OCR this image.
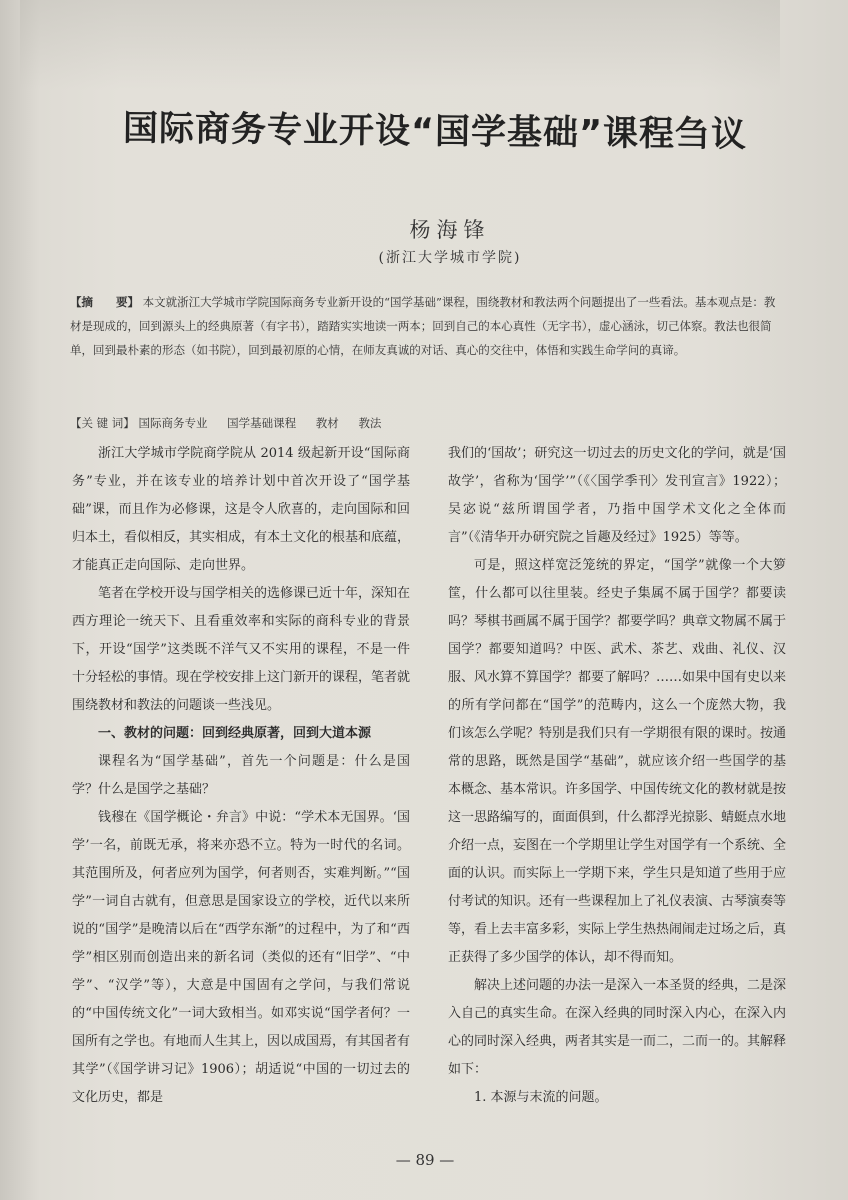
国际商务专业开设“国学基础”课程刍议
杨海锋
(浙江大学城市学院)
【摘　　要】 本文就浙江大学城市学院国际商务专业新开设的“国学基础”课程，围绕教材和教法两个问题提出了一些看法。基本观点是：教材是现成的，回到源头上的经典原著（有字书），踏踏实实地读一两本；回到自己的本心真性（无字书），虚心涵泳，切己体察。教法也很简单，回到最朴素的形态（如书院），回到最初原的心情，在师友真诚的对话、真心的交往中，体悟和实践生命学问的真谛。
【关 键 词】 国际商务专业 国学基础课程 教材 教法

浙江大学城市学院商学院从 2014 级起新开设“国际商务”专业，并在该专业的培养计划中首次开设了“国学基础”课，而且作为必修课，这是令人欣喜的，走向国际和回归本土，看似相反，其实相成，有本土文化的根基和底蕴，才能真正走向国际、走向世界。

笔者在学校开设与国学相关的选修课已近十年，深知在西方理论一统天下、且看重效率和实际的商科专业的背景下，开设“国学”这类既不洋气又不实用的课程，不是一件十分轻松的事情。现在学校安排上这门新开的课程，笔者就围绕教材和教法的问题谈一些浅见。

一、教材的问题：回到经典原著，回到大道本源

课程名为“国学基础”，首先一个问题是：什么是国学？什么是国学之基础？

钱穆在《国学概论・弁言》中说：“学术本无国界。‘国学’一名，前既无承，将来亦恐不立。特为一时代的名词。其范围所及，何者应列为国学，何者则否，实难判断。”“国学”一词自古就有，但意思是国家设立的学校，近代以来所说的“国学”是晚清以后在“西学东渐”的过程中，为了和“西学”相区别而创造出来的新名词（类似的还有“旧学”、“中学”、“汉学”等），大意是中国固有之学问，与我们常说的“中国传统文化”一词大致相当。如邓实说“国学者何？一国所有之学也。有地而人生其上，因以成国焉，有其国者有其学”（《国学讲习记》1906）；胡适说“中国的一切过去的文化历史，都是

我们的‘国故’；研究这一切过去的历史文化的学问，就是‘国故学’，省称为‘国学’”（《〈国学季刊〉发刊宣言》1922）；吴宓说“兹所谓国学者，乃指中国学术文化之全体而言”（《清华开办研究院之旨趣及经过》1925）等等。

可是，照这样宽泛笼统的界定，“国学”就像一个大箩筐，什么都可以往里装。经史子集属不属于国学？都要读吗？琴棋书画属不属于国学？都要学吗？典章文物属不属于国学？都要知道吗？中医、武术、茶艺、戏曲、礼仪、汉服、风水算不算国学？都要了解吗？……如果中国有史以来的所有学问都在“国学”的范畴内，这么一个庞然大物，我们该怎么学呢？特别是我们只有一学期很有限的课时。按通常的思路，既然是国学“基础”，就应该介绍一些国学的基本概念、基本常识。许多国学、中国传统文化的教材就是按这一思路编写的，面面俱到，什么都浮光掠影、蜻蜓点水地介绍一点，妄图在一个学期里让学生对国学有一个系统、全面的认识。而实际上一学期下来，学生只是知道了些用于应付考试的知识。还有一些课程加上了礼仪表演、古琴演奏等等，看上去丰富多彩，实际上学生热热闹闹走过场之后，真正获得了多少国学的体认，却不得而知。

解决上述问题的办法一是深入一本圣贤的经典，二是深入自己的真实生命。在深入经典的同时深入内心，在深入内心的同时深入经典，两者其实是一而二，二而一的。其解释如下：

1. 本源与末流的问题。

— 89 —
